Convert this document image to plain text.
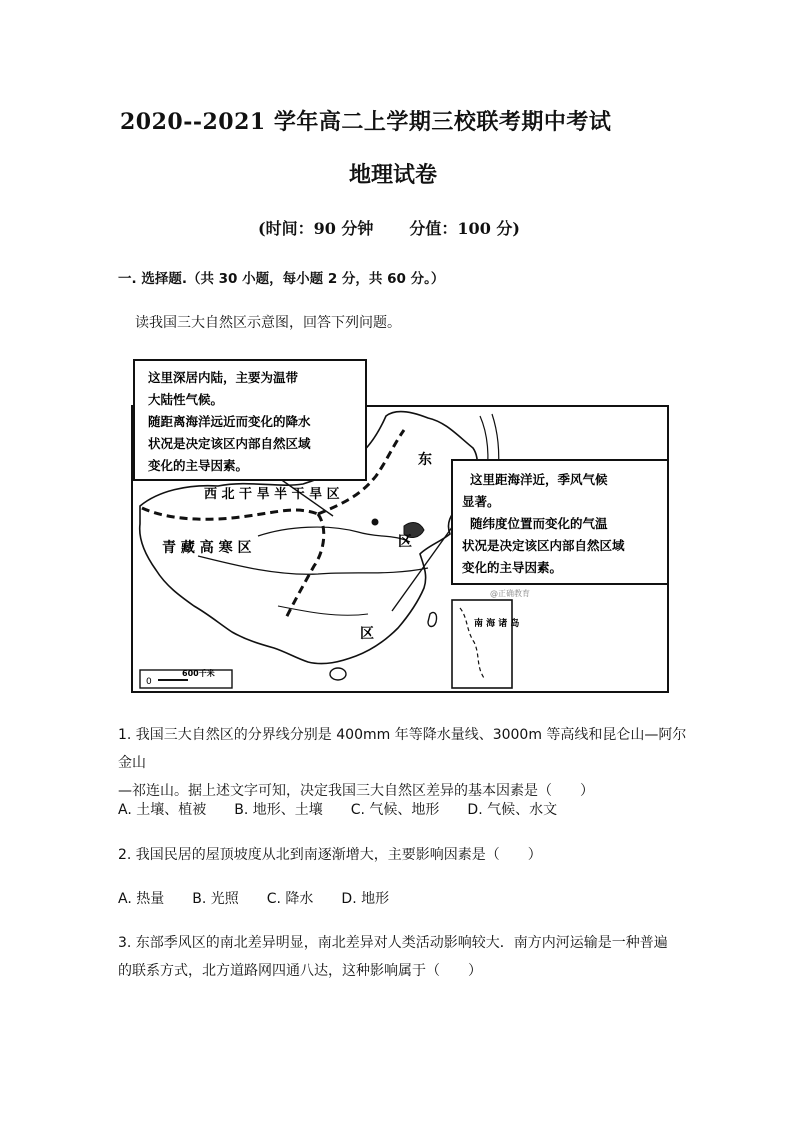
2020--2021 学年高二上学期三校联考期中考试
地理试卷
(时间：90 分钟 分值：100 分)
一. 选择题.（共 30 小题，每小题 2 分，共 60 分。）
读我国三大自然区示意图，回答下列问题。
这里深居内陆，主要为温带
大陆性气候。
随距离海洋远近而变化的降水
状况是决定该区内部自然区域
变化的主导因素。
这里距海洋近，季风气候
显著。
随纬度位置而变化的气温
状况是决定该区内部自然区域
变化的主导因素。
西 北 干 旱 半 干 旱 区
青 藏 高 寒 区
东
区
区
南 海 诸 岛
0
600千米
@正确教育
1. 我国三大自然区的分界线分别是 400mm 年等降水量线、3000m 等高线和昆仑山—阿尔金山
—祁连山。据上述文字可知，决定我国三大自然区差异的基本因素是（　　）
A. 土壤、植被　　B. 地形、土壤　　C. 气候、地形　　D. 气候、水文
2. 我国民居的屋顶坡度从北到南逐渐增大，主要影响因素是（　　）
A. 热量　　B. 光照　　C. 降水　　D. 地形
3. 东部季风区的南北差异明显，南北差异对人类活动影响较大．南方内河运输是一种普遍
的联系方式，北方道路网四通八达，这种影响属于（　　）
